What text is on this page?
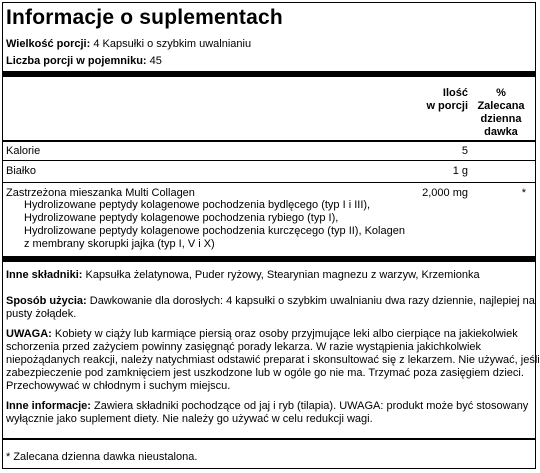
Informacje o suplementach
Wielkość porcji: 4 Kapsułki o szybkim uwalnianiu
Liczba porcji w pojemniku: 45
Ilość
w porcji
%
Zalecana
dzienna
dawka
Kalorie	5
Białko	1 g
Zastrzeżona mieszanka Multi Collagen	2,000 mg	*
Hydrolizowane peptydy kolagenowe pochodzenia bydlęcego (typ I i III),
Hydrolizowane peptydy kolagenowe pochodzenia rybiego (typ I),
Hydrolizowane peptydy kolagenowe pochodzenia kurczęcego (typ II), Kolagen
z membrany skorupki jajka (typ I, V i X)
Inne składniki: Kapsułka żelatynowa, Puder ryżowy, Stearynian magnezu z warzyw, Krzemionka
Sposób użycia: Dawkowanie dla dorosłych: 4 kapsułki o szybkim uwalnianiu dwa razy dziennie, najlepiej na
pusty żołądek.
UWAGA: Kobiety w ciąży lub karmiące piersią oraz osoby przyjmujące leki albo cierpiące na jakiekolwiek
schorzenia przed zażyciem powinny zasięgnąć porady lekarza. W razie wystąpienia jakichkolwiek
niepożądanych reakcji, należy natychmiast odstawić preparat i skonsultować się z lekarzem. Nie używać, jeśli
zabezpieczenie pod zamknięciem jest uszkodzone lub w ogóle go nie ma. Trzymać poza zasięgiem dzieci.
Przechowywać w chłodnym i suchym miejscu.
Inne informacje: Zawiera składniki pochodzące od jaj i ryb (tilapia). UWAGA: produkt może być stosowany
wyłącznie jako suplement diety. Nie należy go używać w celu redukcji wagi.
* Zalecana dzienna dawka nieustalona.
